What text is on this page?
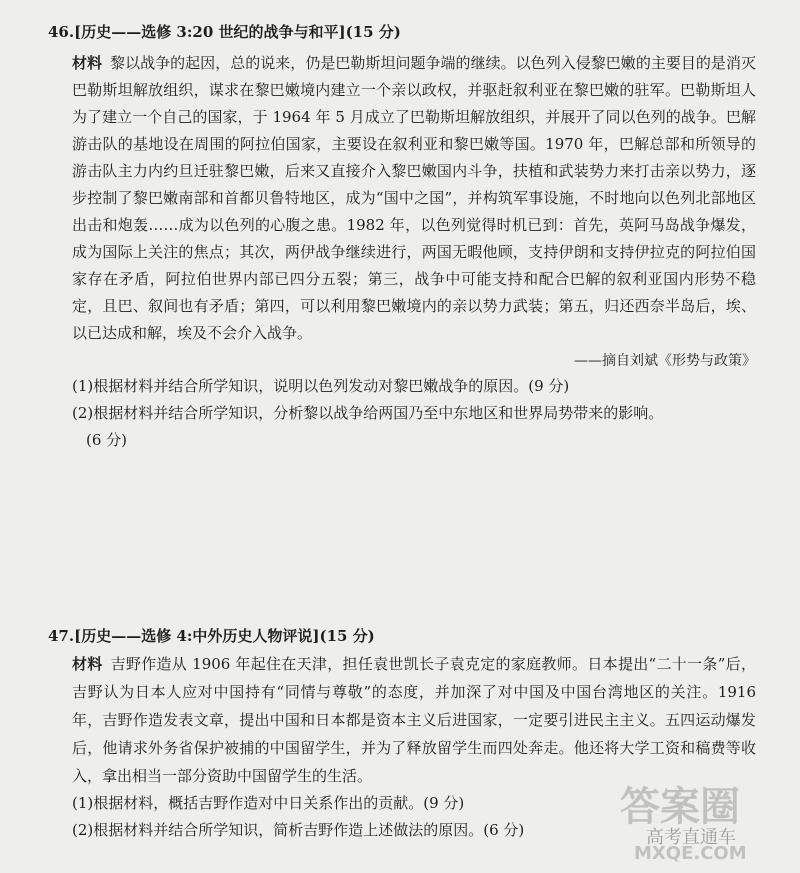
46.[历史——选修 3:20 世纪的战争与和平](15 分)
材料 黎以战争的起因，总的说来，仍是巴勒斯坦问题争端的继续。以色列入侵黎巴嫩的主要目的是消灭巴勒斯坦解放组织，谋求在黎巴嫩境内建立一个亲以政权，并驱赶叙利亚在黎巴嫩的驻军。巴勒斯坦人为了建立一个自己的国家，于 1964 年 5 月成立了巴勒斯坦解放组织，并展开了同以色列的战争。巴解游击队的基地设在周围的阿拉伯国家，主要设在叙利亚和黎巴嫩等国。1970 年，巴解总部和所领导的游击队主力内约旦迁驻黎巴嫩，后来又直接介入黎巴嫩国内斗争，扶植和武装势力来打击亲以势力，逐步控制了黎巴嫩南部和首都贝鲁特地区，成为“国中之国”，并构筑军事设施，不时地向以色列北部地区出击和炮轰……成为以色列的心腹之患。1982 年，以色列觉得时机已到：首先，英阿马岛战争爆发，成为国际上关注的焦点；其次，两伊战争继续进行，两国无暇他顾，支持伊朗和支持伊拉克的阿拉伯国家存在矛盾，阿拉伯世界内部已四分五裂；第三，战争中可能支持和配合巴解的叙利亚国内形势不稳定，且巴、叙间也有矛盾；第四，可以利用黎巴嫩境内的亲以势力武装；第五，归还西奈半岛后，埃、以已达成和解，埃及不会介入战争。
——摘自刘斌《形势与政策》
(1)根据材料并结合所学知识，说明以色列发动对黎巴嫩战争的原因。(9 分)
(2)根据材料并结合所学知识，分析黎以战争给两国乃至中东地区和世界局势带来的影响。
(6 分)
47.[历史——选修 4:中外历史人物评说](15 分)
材料 吉野作造从 1906 年起住在天津，担任袁世凯长子袁克定的家庭教师。日本提出“二十一条”后，吉野认为日本人应对中国持有“同情与尊敬”的态度，并加深了对中国及中国台湾地区的关注。1916 年，吉野作造发表文章，提出中国和日本都是资本主义后进国家，一定要引进民主主义。五四运动爆发后，他请求外务省保护被捕的中国留学生，并为了释放留学生而四处奔走。他还将大学工资和稿费等收入，拿出相当一部分资助中国留学生的生活。
(1)根据材料，概括吉野作造对中日关系作出的贡献。(9 分)
(2)根据材料并结合所学知识，简析吉野作造上述做法的原因。(6 分)	答案圈
高考直通车
MXQE.COM
